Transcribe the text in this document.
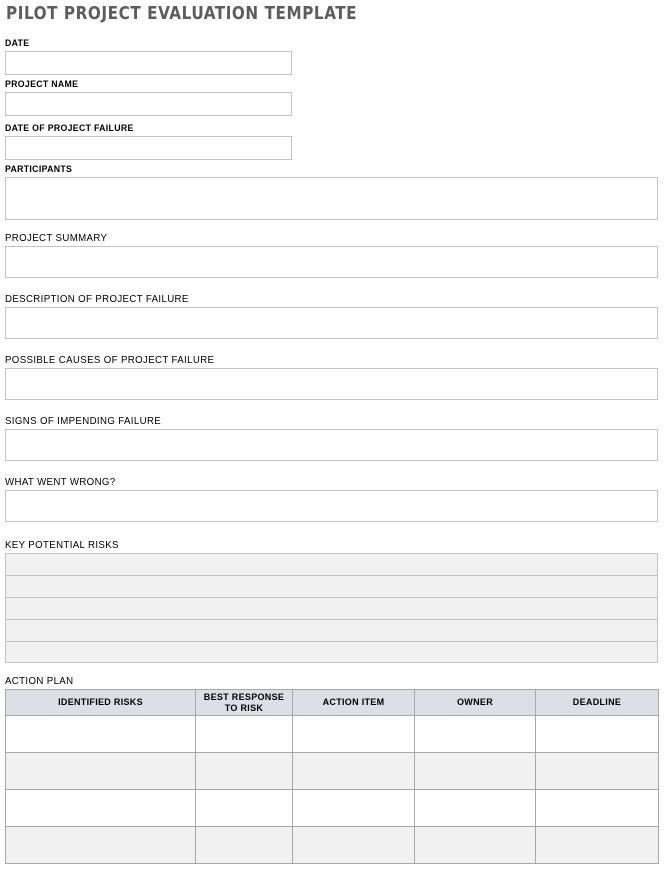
PILOT PROJECT EVALUATION TEMPLATE
DATE
PROJECT NAME
DATE OF PROJECT FAILURE
PARTICIPANTS
PROJECT SUMMARY
DESCRIPTION OF PROJECT FAILURE
POSSIBLE CAUSES OF PROJECT FAILURE
SIGNS OF IMPENDING FAILURE
WHAT WENT WRONG?
KEY POTENTIAL RISKS
ACTION PLAN
IDENTIFIED RISKS	BEST RESPONSE TO RISK	ACTION ITEM	OWNER	DEADLINE
